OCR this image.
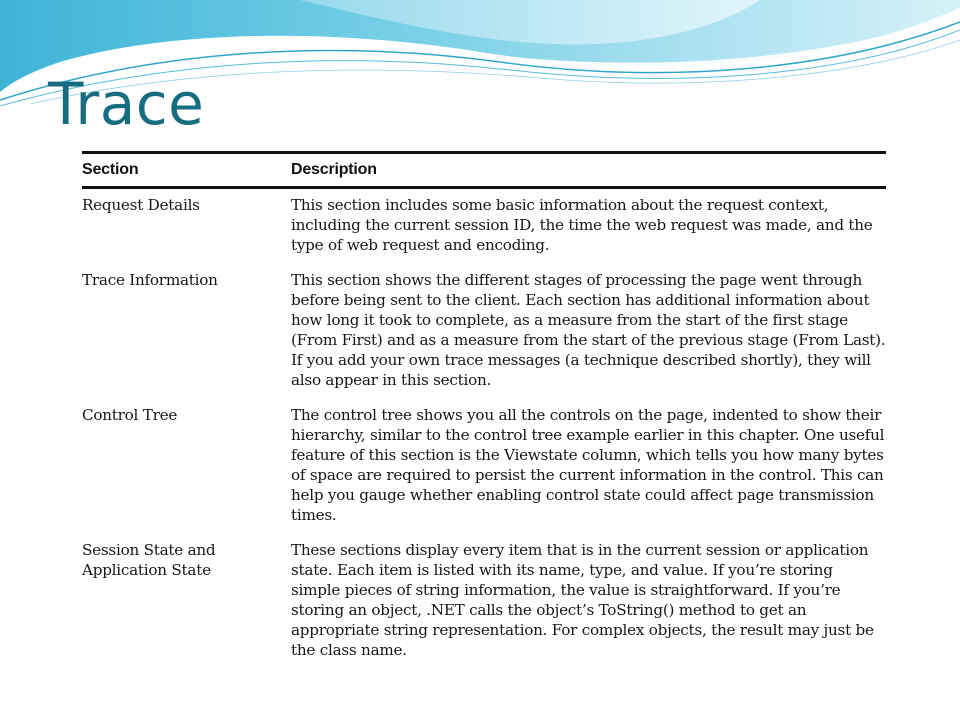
Trace
Section	Description
Request Details	This section includes some basic information about the request context, including the current session ID, the time the web request was made, and the type of web request and encoding.
Trace Information	This section shows the different stages of processing the page went through before being sent to the client. Each section has additional information about how long it took to complete, as a measure from the start of the first stage (From First) and as a measure from the start of the previous stage (From Last). If you add your own trace messages (a technique described shortly), they will also appear in this section.
Control Tree	The control tree shows you all the controls on the page, indented to show their hierarchy, similar to the control tree example earlier in this chapter. One useful feature of this section is the Viewstate column, which tells you how many bytes of space are required to persist the current information in the control. This can help you gauge whether enabling control state could affect page transmission times.
Session State and Application State	These sections display every item that is in the current session or application state. Each item is listed with its name, type, and value. If you’re storing simple pieces of string information, the value is straightforward. If you’re storing an object, .NET calls the object’s ToString() method to get an appropriate string representation. For complex objects, the result may just be the class name.
